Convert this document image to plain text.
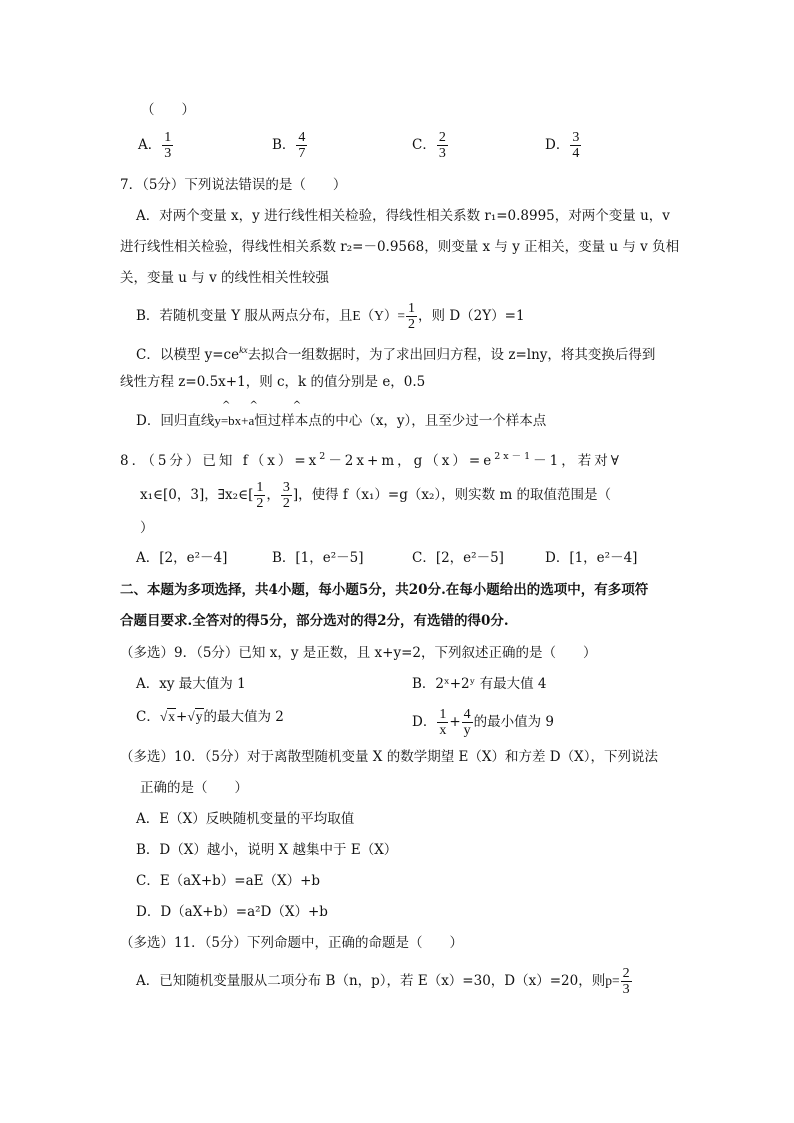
（　　）
A． $\frac{1}{3}$	B． $\frac{4}{7}$	C． $\frac{2}{3}$	D． $\frac{3}{4}$
7．（5分）下列说法错误的是（　　）
A．对两个变量 x，y 进行线性相关检验，得线性相关系数 r₁=0.8995，对两个变量 u，v
进行线性相关检验，得线性相关系数 r₂=－0.9568，则变量 x 与 y 正相关，变量 u 与 v 负相
关，变量 u 与 v 的线性相关性较强
B．若随机变量 Y 服从两点分布，且$E(Y)= \frac{1}{2}$ ，则 D（2Y）=1
C．以模型 $y=ce^{kx}$去拟合一组数据时，为了求出回归方程，设 z=lny，将其变换后得到
线性方程 z=0.5x+1，则 c，k 的值分别是 e，0.5
D．回归直线y=bx+a恒过样本点的中心（x，y），且至少过一个样本点
^      ^           ^
8．（5分）已知 $f(x)=x^2-2x+m$，$g(x)=e^{2x-1}-1$，若对∀
x₁∈[0，3]，∃x₂∈[ $\frac{1}{2}$ ， $\frac{3}{2}$ ]，使得 f（x₁）=g（x₂），则实数 m 的取值范围是（
）
A．[2，e²－4]	B．[1，e²－5]	C．[2，e²－5]	D．[1，e²－4]
二、本题为多项选择，共4小题，每小题5分，共20分.在每小题给出的选项中，有多项符
合题目要求.全答对的得5分，部分选对的得2分，有选错的得0分.
（多选）9．（5分）已知 x，y 是正数，且 x+y=2，下列叙述正确的是（　　）
A．xy 最大值为 1	B．2ˣ+2ʸ 有最大值 4
C．√x+√y的最大值为 2	D． $\frac{1}{x} + \frac{4}{y}$ 的最小值为 9
（多选）10．（5分）对于离散型随机变量 X 的数学期望 E（X）和方差 D（X），下列说法
正确的是（　　）
A．E（X）反映随机变量的平均取值
B．D（X）越小，说明 X 越集中于 E（X）
C．E（aX+b）=aE（X）+b
D．D（aX+b）=a²D（X）+b
（多选）11．（5分）下列命题中，正确的命题是（　　）
A．已知随机变量服从二项分布 B（n，p），若 E（x）=30，D（x）=20，则$p= \frac{2}{3}$
